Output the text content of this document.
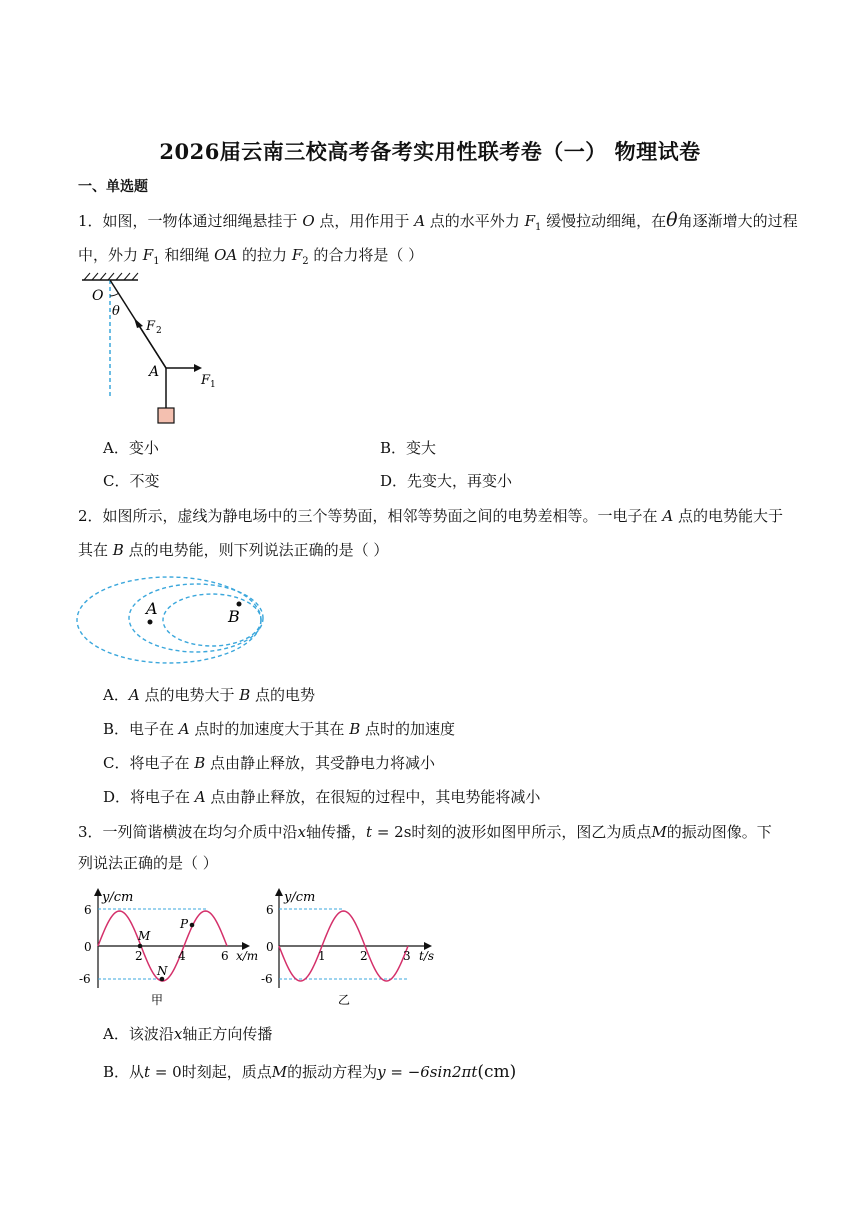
2026届云南三校高考备考实用性联考卷（一） 物理试卷
一、单选题
1．如图，一物体通过细绳悬挂于 O 点，用作用于 A 点的水平外力 $F_1$ 缓慢拉动细绳，在θ角逐渐增大的过程
中，外力 $F_1$ 和细绳 OA 的拉力 $F_2$ 的合力将是（ ）
O
θ
F 2
A
F 1
A．变小	B．变大
C．不变	D．先变大，再变小
2．如图所示，虚线为静电场中的三个等势面，相邻等势面之间的电势差相等。一电子在 A 点的电势能大于
其在 B 点的电势能，则下列说法正确的是（ ）
A	B
A．A 点的电势大于 B 点的电势
B．电子在 A 点时的加速度大于其在 B 点时的加速度
C．将电子在 B 点由静止释放，其受静电力将减小
D．将电子在 A 点由静止释放，在很短的过程中，其电势能将减小
3．一列简谐横波在均匀介质中沿x轴传播，t = 2s时刻的波形如图甲所示，图乙为质点M的振动图像。下
列说法正确的是（ ）
y/cm
6
0
-6
2	4	6 x/m
M
N
P
甲
y/cm
6
0
-6
1	2	3 t/s
乙
A．该波沿x轴正方向传播
B．从t = 0时刻起，质点M的振动方程为y = −6sin2πt(cm)
